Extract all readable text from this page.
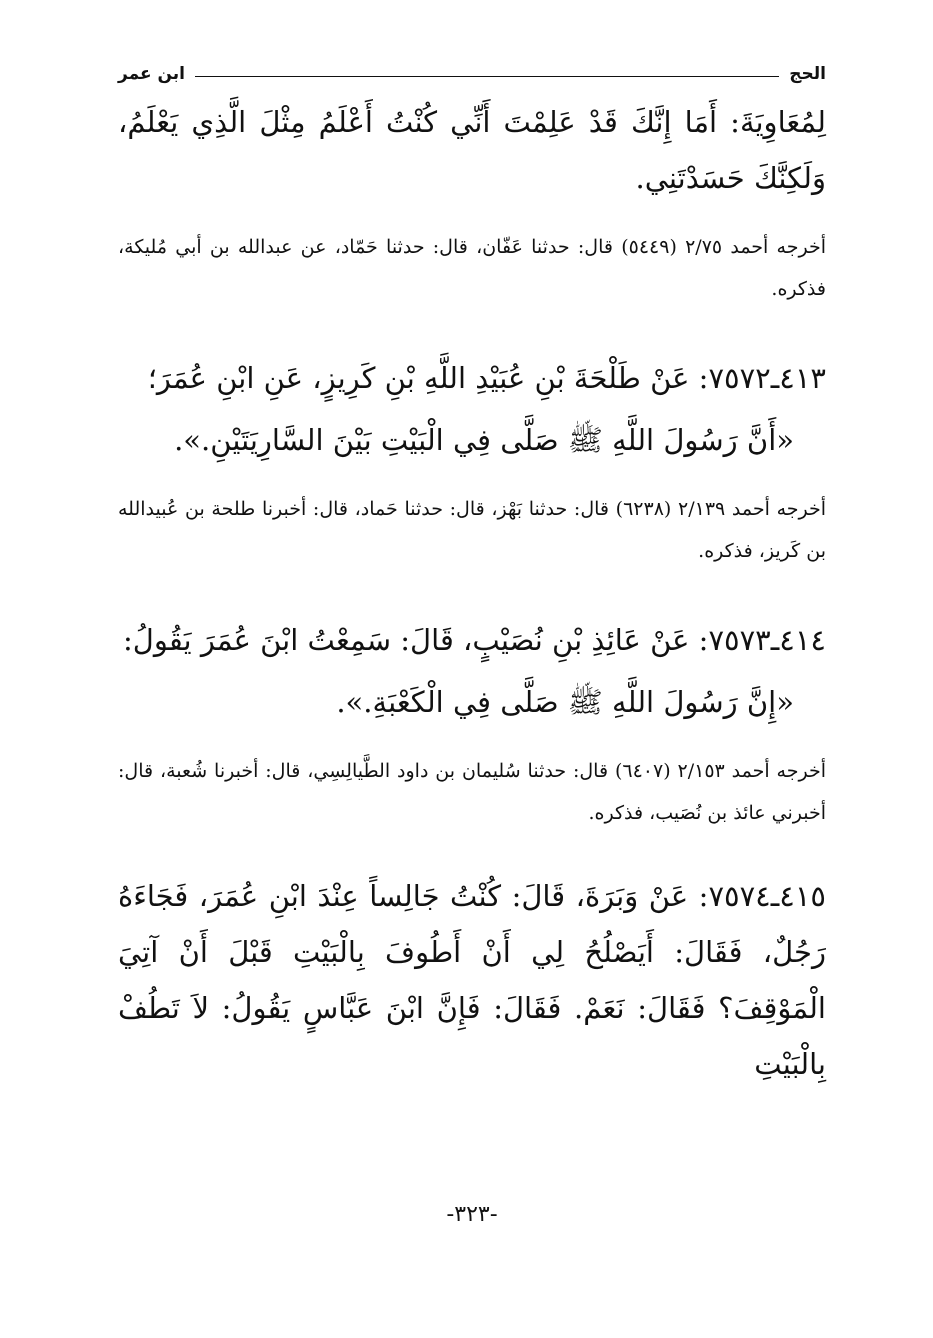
الحج
ابن عمر

لِمُعَاوِيَةَ: أَمَا إِنَّكَ قَدْ عَلِمْتَ أَنِّي كُنْتُ أَعْلَمُ مِثْلَ الَّذِي يَعْلَمُ، وَلَكِنَّكَ حَسَدْتَنِي.

أخرجه أحمد ٢/٧٥ (٥٤٤٩) قال: حدثنا عَفّان، قال: حدثنا حَمّاد، عن عبدالله بن أبي مُليكة، فذكره.

٤١٣ـ٧٥٧٢: عَنْ طَلْحَةَ بْنِ عُبَيْدِ اللَّهِ بْنِ كَرِيزٍ، عَنِ ابْنِ عُمَرَ؛

«أَنَّ رَسُولَ اللَّهِ ﷺ صَلَّى فِي الْبَيْتِ بَيْنَ السَّارِيَتَيْنِ.».

أخرجه أحمد ٢/١٣٩ (٦٢٣٨) قال: حدثنا بَهْز، قال: حدثنا حَماد، قال: أخبرنا طلحة بن عُبيدالله بن كَريز، فذكره.

٤١٤ـ٧٥٧٣: عَنْ عَائِذِ بْنِ نُصَيْبٍ، قَالَ: سَمِعْتُ ابْنَ عُمَرَ يَقُولُ:

«إِنَّ رَسُولَ اللَّهِ ﷺ صَلَّى فِي الْكَعْبَةِ.».

أخرجه أحمد ٢/١٥٣ (٦٤٠٧) قال: حدثنا سُليمان بن داود الطَّيالِسِي، قال: أخبرنا شُعبة، قال: أخبرني عائذ بن نُصَيب، فذكره.

٤١٥ـ٧٥٧٤: عَنْ وَبَرَةَ، قَالَ: كُنْتُ جَالِساً عِنْدَ ابْنِ عُمَرَ، فَجَاءَهُ رَجُلٌ، فَقَالَ: أَيَصْلُحُ لِي أَنْ أَطُوفَ بِالْبَيْتِ قَبْلَ أَنْ آتِيَ الْمَوْقِفَ؟ فَقَالَ: نَعَمْ. فَقَالَ: فَإِنَّ ابْنَ عَبَّاسٍ يَقُولُ: لاَ تَطُفْ بِالْبَيْتِ

-٣٢٣-
